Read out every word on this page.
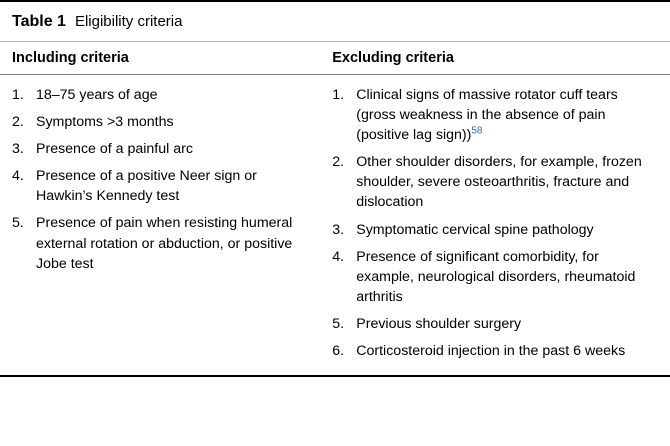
Table 1 Eligibility criteria
Including criteria	Excluding criteria
1. 18–75 years of age
2. Symptoms >3 months
3. Presence of a painful arc
4. Presence of a positive Neer sign or Hawkin’s Kennedy test
5. Presence of pain when resisting humeral external rotation or abduction, or positive Jobe test
1. Clinical signs of massive rotator cuff tears (gross weakness in the absence of pain (positive lag sign))$^{58}$
2. Other shoulder disorders, for example, frozen shoulder, severe osteoarthritis, fracture and dislocation
3. Symptomatic cervical spine pathology
4. Presence of significant comorbidity, for example, neurological disorders, rheumatoid arthritis
5. Previous shoulder surgery
6. Corticosteroid injection in the past 6 weeks
